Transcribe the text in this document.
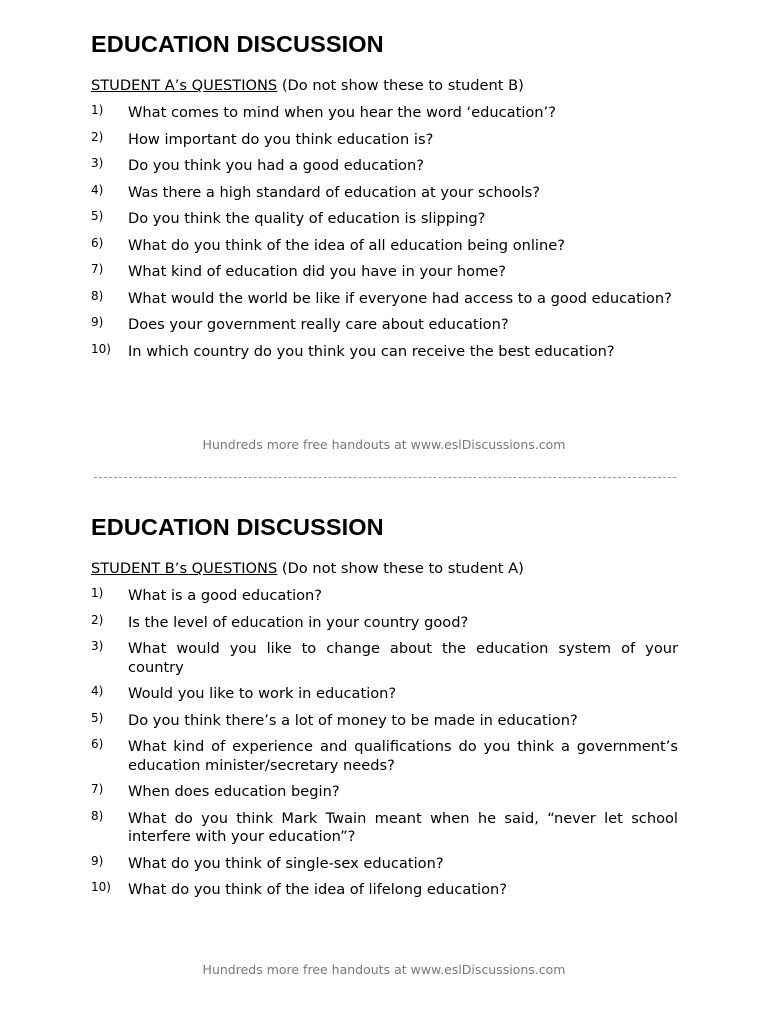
EDUCATION DISCUSSION
STUDENT A’s QUESTIONS (Do not show these to student B)
1) What comes to mind when you hear the word ‘education’?
2) How important do you think education is?
3) Do you think you had a good education?
4) Was there a high standard of education at your schools?
5) Do you think the quality of education is slipping?
6) What do you think of the idea of all education being online?
7) What kind of education did you have in your home?
8) What would the world be like if everyone had access to a good education?
9) Does your government really care about education?
10) In which country do you think you can receive the best education?
Hundreds more free handouts at www.eslDiscussions.com
EDUCATION DISCUSSION
STUDENT B’s QUESTIONS (Do not show these to student A)
1) What is a good education?
2) Is the level of education in your country good?
3) What would you like to change about the education system of your country
4) Would you like to work in education?
5) Do you think there’s a lot of money to be made in education?
6) What kind of experience and qualifications do you think a government’s education minister/secretary needs?
7) When does education begin?
8) What do you think Mark Twain meant when he said, “never let school interfere with your education”?
9) What do you think of single-sex education?
10) What do you think of the idea of lifelong education?
Hundreds more free handouts at www.eslDiscussions.com
